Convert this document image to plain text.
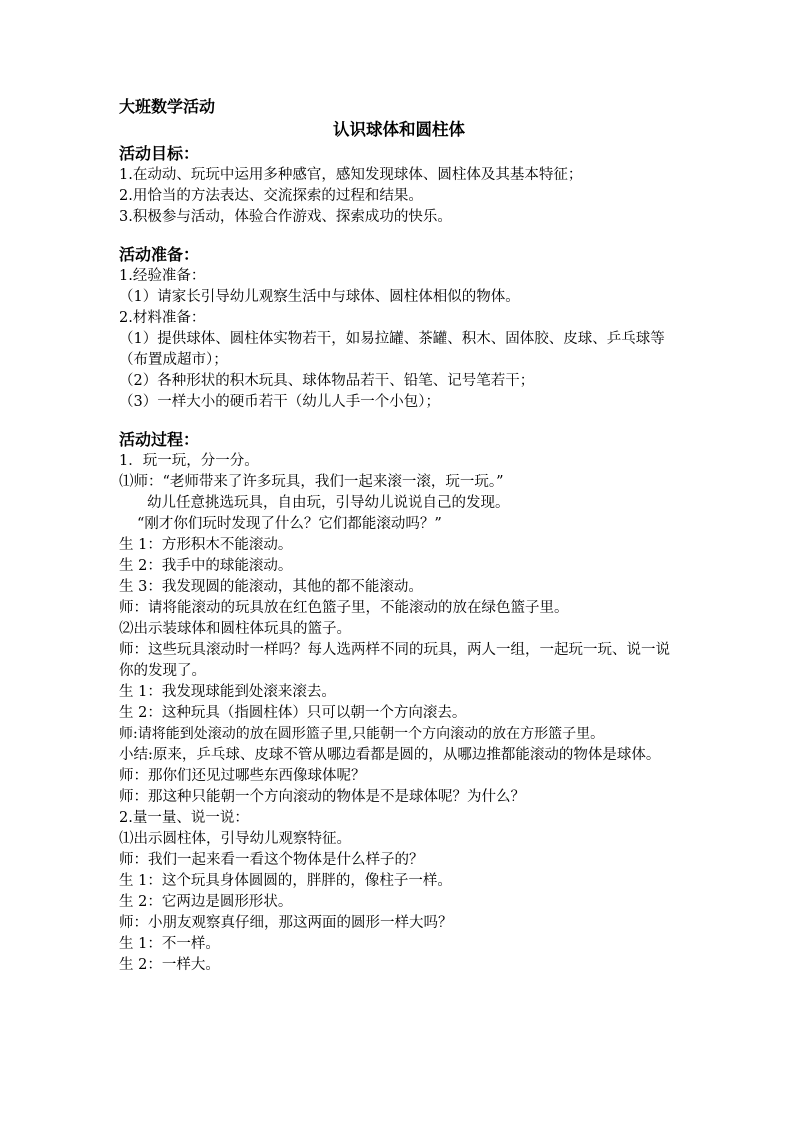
大班数学活动
认识球体和圆柱体
活动目标：
1.在动动、玩玩中运用多种感官，感知发现球体、圆柱体及其基本特征；
2.用恰当的方法表达、交流探索的过程和结果。
3.积极参与活动，体验合作游戏、探索成功的快乐。
活动准备：
1.经验准备：
（1）请家长引导幼儿观察生活中与球体、圆柱体相似的物体。
2.材料准备：
（1）提供球体、圆柱体实物若干，如易拉罐、茶罐、积木、固体胶、皮球、乒乓球等（布置成超市）；
（2）各种形状的积木玩具、球体物品若干、铅笔、记号笔若干；
（3）一样大小的硬币若干（幼儿人手一个小包）；
活动过程：
1．玩一玩，分一分。
⑴师：“老师带来了许多玩具，我们一起来滚一滚，玩一玩。”
幼儿任意挑选玩具，自由玩，引导幼儿说说自己的发现。
“刚才你们玩时发现了什么？它们都能滚动吗？”
生 1：方形积木不能滚动。
生 2：我手中的球能滚动。
生 3：我发现圆的能滚动，其他的都不能滚动。
师：请将能滚动的玩具放在红色篮子里，不能滚动的放在绿色篮子里。
⑵出示装球体和圆柱体玩具的篮子。
师：这些玩具滚动时一样吗？每人选两样不同的玩具，两人一组，一起玩一玩、说一说你的发现了。
生 1：我发现球能到处滚来滚去。
生 2：这种玩具（指圆柱体）只可以朝一个方向滚去。
师:请将能到处滚动的放在圆形篮子里,只能朝一个方向滚动的放在方形篮子里。
小结:原来，乒乓球、皮球不管从哪边看都是圆的，从哪边推都能滚动的物体是球体。
师：那你们还见过哪些东西像球体呢？
师：那这种只能朝一个方向滚动的物体是不是球体呢？为什么？
2.量一量、说一说：
⑴出示圆柱体，引导幼儿观察特征。
师：我们一起来看一看这个物体是什么样子的？
生 1：这个玩具身体圆圆的，胖胖的，像柱子一样。
生 2：它两边是圆形形状。
师：小朋友观察真仔细，那这两面的圆形一样大吗？
生 1：不一样。
生 2：一样大。
